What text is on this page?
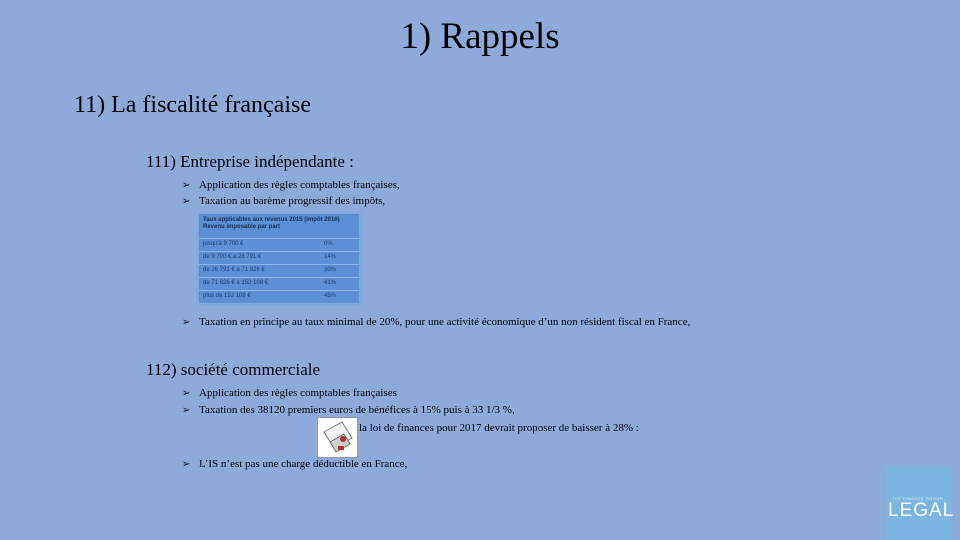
1) Rappels
11) La fiscalité française
111) Entreprise indépendante :
➢ Application des règles comptables françaises,
➢ Taxation au barème progressif des impôts,
Taux applicables aux revenus 2015 (impôt 2016) Revenu imposable par part
jusqu'à 9 700 €	0%
de 9 700 € à 26 791 €	14%
de 26 791 € à 71 826 €	30%
de 71 826 € à 152 108 €	41%
plus de 152 108 €	45%
➢ Taxation en principe au taux minimal de 20%, pour une activité économique d’un non résident fiscal en France,
112) société commerciale
➢ Application des règles comptables françaises
➢ Taxation des 38120 premiers euros de bénéfices à 15% puis à 33 1/3 %,
la loi de finances pour 2017 devrait proposer de baisser à 28% :
➢ L’IS n’est pas une charge déductible en France,
THE FINANCE GROUP
LEGAL
